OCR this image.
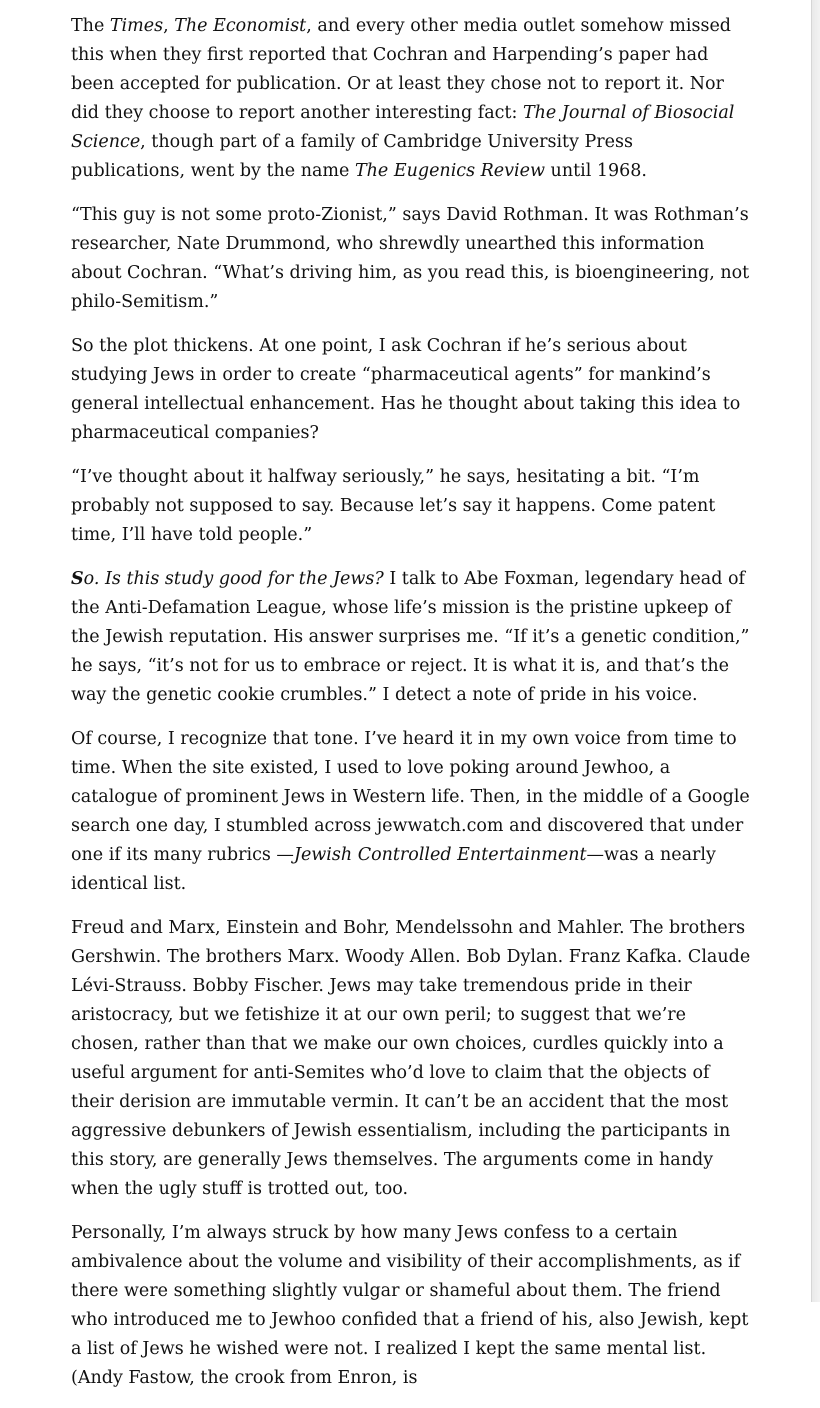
The Times, The Economist, and every other media outlet somehow missed this when they first reported that Cochran and Harpending’s paper had been accepted for publication. Or at least they chose not to report it. Nor did they choose to report another interesting fact: The Journal of Biosocial Science, though part of a family of Cambridge University Press publications, went by the name The Eugenics Review until 1968.

“This guy is not some proto-Zionist,” says David Rothman. It was Rothman’s researcher, Nate Drummond, who shrewdly unearthed this information about Cochran. “What’s driving him, as you read this, is bioengineering, not philo-Semitism.”

So the plot thickens. At one point, I ask Cochran if he’s serious about studying Jews in order to create “pharmaceutical agents” for mankind’s general intellectual enhancement. Has he thought about taking this idea to pharmaceutical companies?

“I’ve thought about it halfway seriously,” he says, hesitating a bit. “I’m probably not supposed to say. Because let’s say it happens. Come patent time, I’ll have told people.”

So. Is this study good for the Jews? I talk to Abe Foxman, legendary head of the Anti-Defamation League, whose life’s mission is the pristine upkeep of the Jewish reputation. His answer surprises me. “If it’s a genetic condition,” he says, “it’s not for us to embrace or reject. It is what it is, and that’s the way the genetic cookie crumbles.” I detect a note of pride in his voice.

Of course, I recognize that tone. I’ve heard it in my own voice from time to time. When the site existed, I used to love poking around Jewhoo, a catalogue of prominent Jews in Western life. Then, in the middle of a Google search one day, I stumbled across jewwatch.com and discovered that under one if its many rubrics —Jewish Controlled Entertainment—was a nearly identical list.

Freud and Marx, Einstein and Bohr, Mendelssohn and Mahler. The brothers Gershwin. The brothers Marx. Woody Allen. Bob Dylan. Franz Kafka. Claude Lévi-Strauss. Bobby Fischer. Jews may take tremendous pride in their aristocracy, but we fetishize it at our own peril; to suggest that we’re chosen, rather than that we make our own choices, curdles quickly into a useful argument for anti-Semites who’d love to claim that the objects of their derision are immutable vermin. It can’t be an accident that the most aggressive debunkers of Jewish essentialism, including the participants in this story, are generally Jews themselves. The arguments come in handy when the ugly stuff is trotted out, too.

Personally, I’m always struck by how many Jews confess to a certain ambivalence about the volume and visibility of their accomplishments, as if there were something slightly vulgar or shameful about them. The friend who introduced me to Jewhoo confided that a friend of his, also Jewish, kept a list of Jews he wished were not. I realized I kept the same mental list. (Andy Fastow, the crook from Enron, is
